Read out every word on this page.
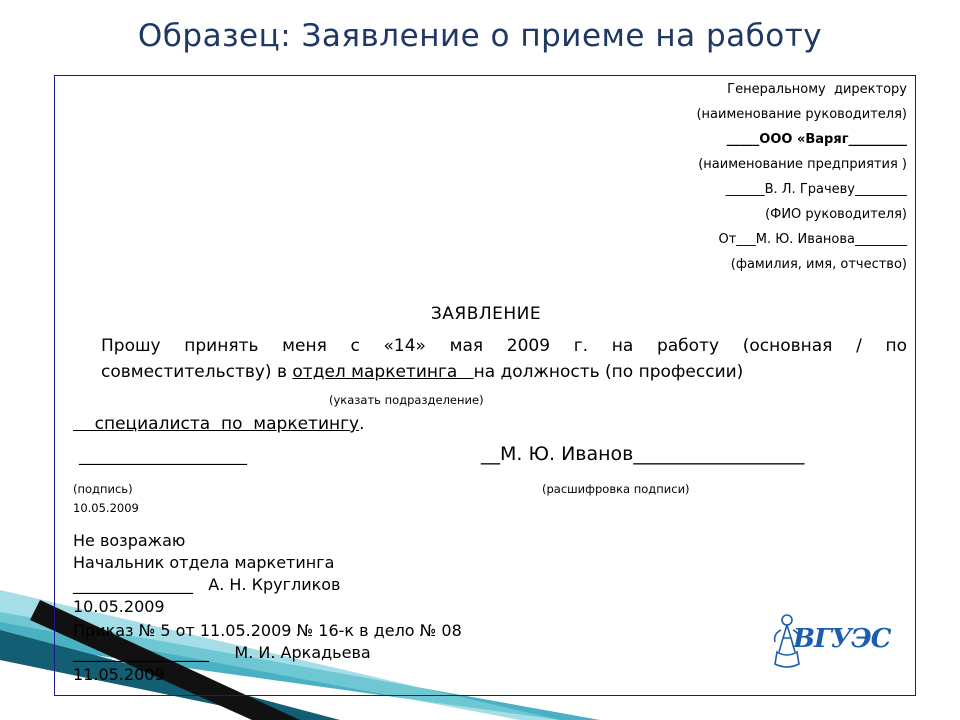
Образец: Заявление о приеме на работу
Генеральному  директору
(наименование руководителя)
_____ООО «Варяг_________
(наименование предприятия )
______В. Л. Грачеву________
(ФИО руководителя)
От___М. Ю. Иванова________
(фамилия, имя, отчество)
ЗАЯВЛЕНИЕ
Прошу принять меня с «14» мая 2009 г. на работу (основная / по
совместительству) в отдел маркетинга   на должность (по профессии)
(указать подразделение)
специалиста  по  маркетингу.
_____________________	__М. Ю. Иванов__________________
(подпись)	(расшифровка подписи)
10.05.2009
Не возражаю
Начальник отдела маркетинга
_______________   А. Н. Кругликов
10.05.2009
Приказ № 5 от 11.05.2009 № 16-к в дело № 08
_________________     М. И. Аркадьева
11.05.2009
ВГУЭС
